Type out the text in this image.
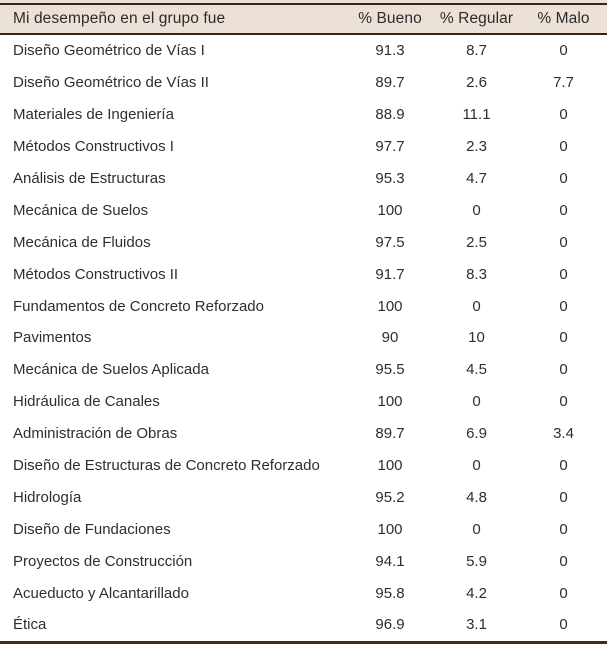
Mi desempeño en el grupo fue	% Bueno	% Regular	% Malo
Diseño Geométrico de Vías I	91.3	8.7	0
Diseño Geométrico de Vías II	89.7	2.6	7.7
Materiales de Ingeniería	88.9	11.1	0
Métodos Constructivos I	97.7	2.3	0
Análisis de Estructuras	95.3	4.7	0
Mecánica de Suelos	100	0	0
Mecánica de Fluidos	97.5	2.5	0
Métodos Constructivos II	91.7	8.3	0
Fundamentos de Concreto Reforzado	100	0	0
Pavimentos	90	10	0
Mecánica de Suelos Aplicada	95.5	4.5	0
Hidráulica de Canales	100	0	0
Administración de Obras	89.7	6.9	3.4
Diseño de Estructuras de Concreto Reforzado	100	0	0
Hidrología	95.2	4.8	0
Diseño de Fundaciones	100	0	0
Proyectos de Construcción	94.1	5.9	0
Acueducto y Alcantarillado	95.8	4.2	0
Ética	96.9	3.1	0
